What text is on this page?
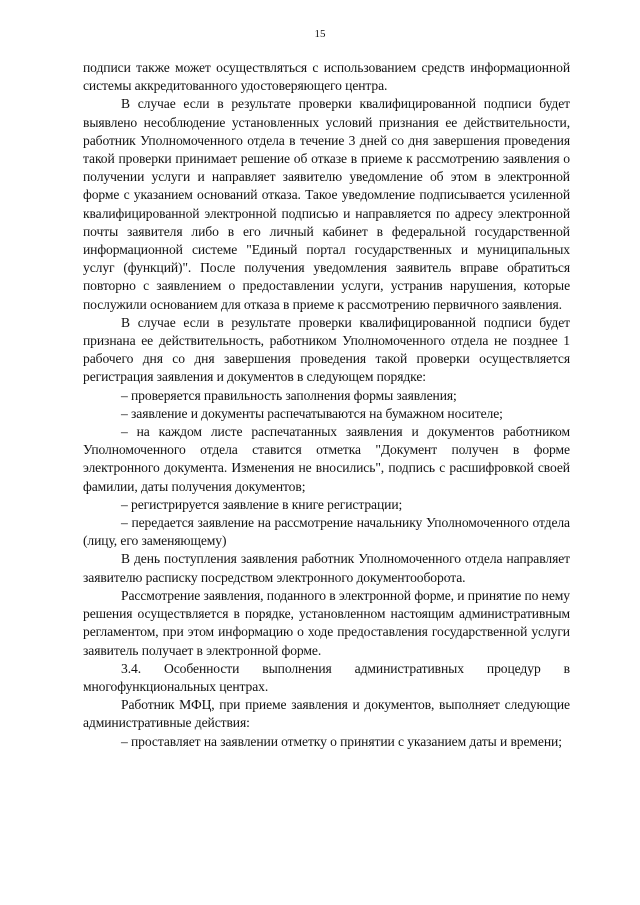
15

подписи также может осуществляться с использованием средств информационной системы аккредитованного удостоверяющего центра.

В случае если в результате проверки квалифицированной подписи будет выявлено несоблюдение установленных условий признания ее действительности, работник Уполномоченного отдела в течение 3 дней со дня завершения проведения такой проверки принимает решение об отказе в приеме к рассмотрению заявления о получении услуги и направляет заявителю уведомление об этом в электронной форме с указанием оснований отказа. Такое уведомление подписывается усиленной квалифицированной электронной подписью и направляется по адресу электронной почты заявителя либо в его личный кабинет в федеральной государственной информационной системе "Единый портал государственных и муниципальных услуг (функций)". После получения уведомления заявитель вправе обратиться повторно с заявлением о предоставлении услуги, устранив нарушения, которые послужили основанием для отказа в приеме к рассмотрению первичного заявления.

В случае если в результате проверки квалифицированной подписи будет признана ее действительность, работником Уполномоченного отдела не позднее 1 рабочего дня со дня завершения проведения такой проверки осуществляется регистрация заявления и документов в следующем порядке:

– проверяется правильность заполнения формы заявления;

– заявление и документы распечатываются на бумажном носителе;

– на каждом листе распечатанных заявления и документов работником Уполномоченного отдела ставится отметка "Документ получен в форме электронного документа. Изменения не вносились", подпись с расшифровкой своей фамилии, даты получения документов;

– регистрируется заявление в книге регистрации;

– передается заявление на рассмотрение начальнику Уполномоченного отдела (лицу, его заменяющему)

В день поступления заявления работник Уполномоченного отдела направляет заявителю расписку посредством электронного документооборота.

Рассмотрение заявления, поданного в электронной форме, и принятие по нему решения осуществляется в порядке, установленном настоящим административным регламентом, при этом информацию о ходе предоставления государственной услуги заявитель получает в электронной форме.

3.4. Особенности выполнения административных процедур в многофункциональных центрах.

Работник МФЦ, при приеме заявления и документов, выполняет следующие административные действия:

– проставляет на заявлении отметку о принятии с указанием даты и времени;
